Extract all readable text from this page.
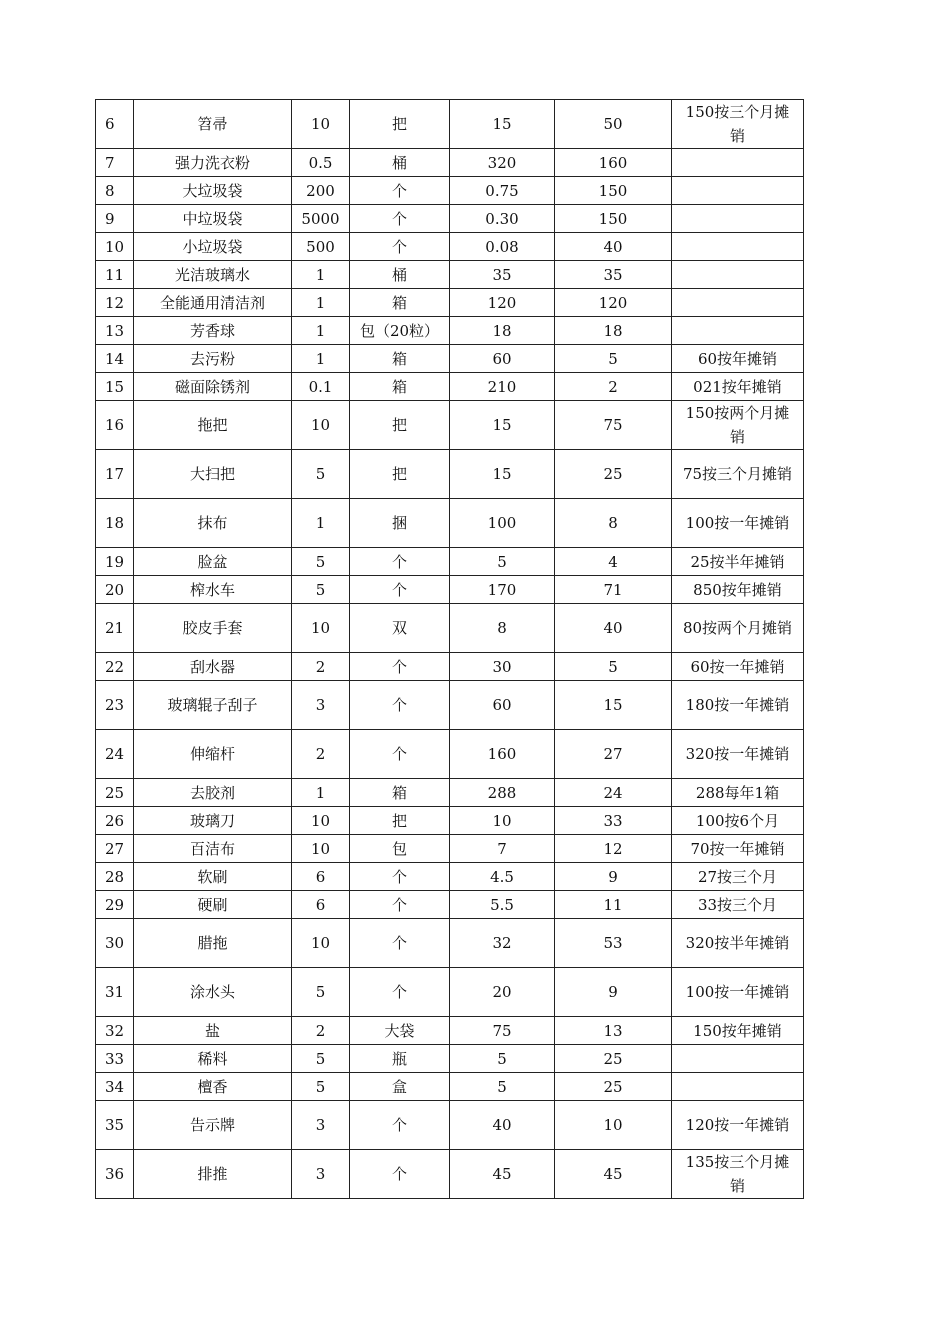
6	笤帚	10	把	15	50	150按三个月摊销
7	强力洗衣粉	0.5	桶	320	160	
8	大垃圾袋	200	个	0.75	150	
9	中垃圾袋	5000	个	0.30	150	
10	小垃圾袋	500	个	0.08	40	
11	光洁玻璃水	1	桶	35	35	
12	全能通用清洁剂	1	箱	120	120	
13	芳香球	1	包（20粒）	18	18	
14	去污粉	1	箱	60	5	60按年摊销
15	磁面除锈剂	0.1	箱	210	2	021按年摊销
16	拖把	10	把	15	75	150按两个月摊销
17	大扫把	5	把	15	25	75按三个月摊销
18	抹布	1	捆	100	8	100按一年摊销
19	脸盆	5	个	5	4	25按半年摊销
20	榨水车	5	个	170	71	850按年摊销
21	胶皮手套	10	双	8	40	80按两个月摊销
22	刮水器	2	个	30	5	60按一年摊销
23	玻璃辊子刮子	3	个	60	15	180按一年摊销
24	伸缩杆	2	个	160	27	320按一年摊销
25	去胶剂	1	箱	288	24	288每年1箱
26	玻璃刀	10	把	10	33	100按6个月
27	百洁布	10	包	7	12	70按一年摊销
28	软刷	6	个	4.5	9	27按三个月
29	硬刷	6	个	5.5	11	33按三个月
30	腊拖	10	个	32	53	320按半年摊销
31	涂水头	5	个	20	9	100按一年摊销
32	盐	2	大袋	75	13	150按年摊销
33	稀料	5	瓶	5	25	
34	檀香	5	盒	5	25	
35	告示牌	3	个	40	10	120按一年摊销
36	排推	3	个	45	45	135按三个月摊销
